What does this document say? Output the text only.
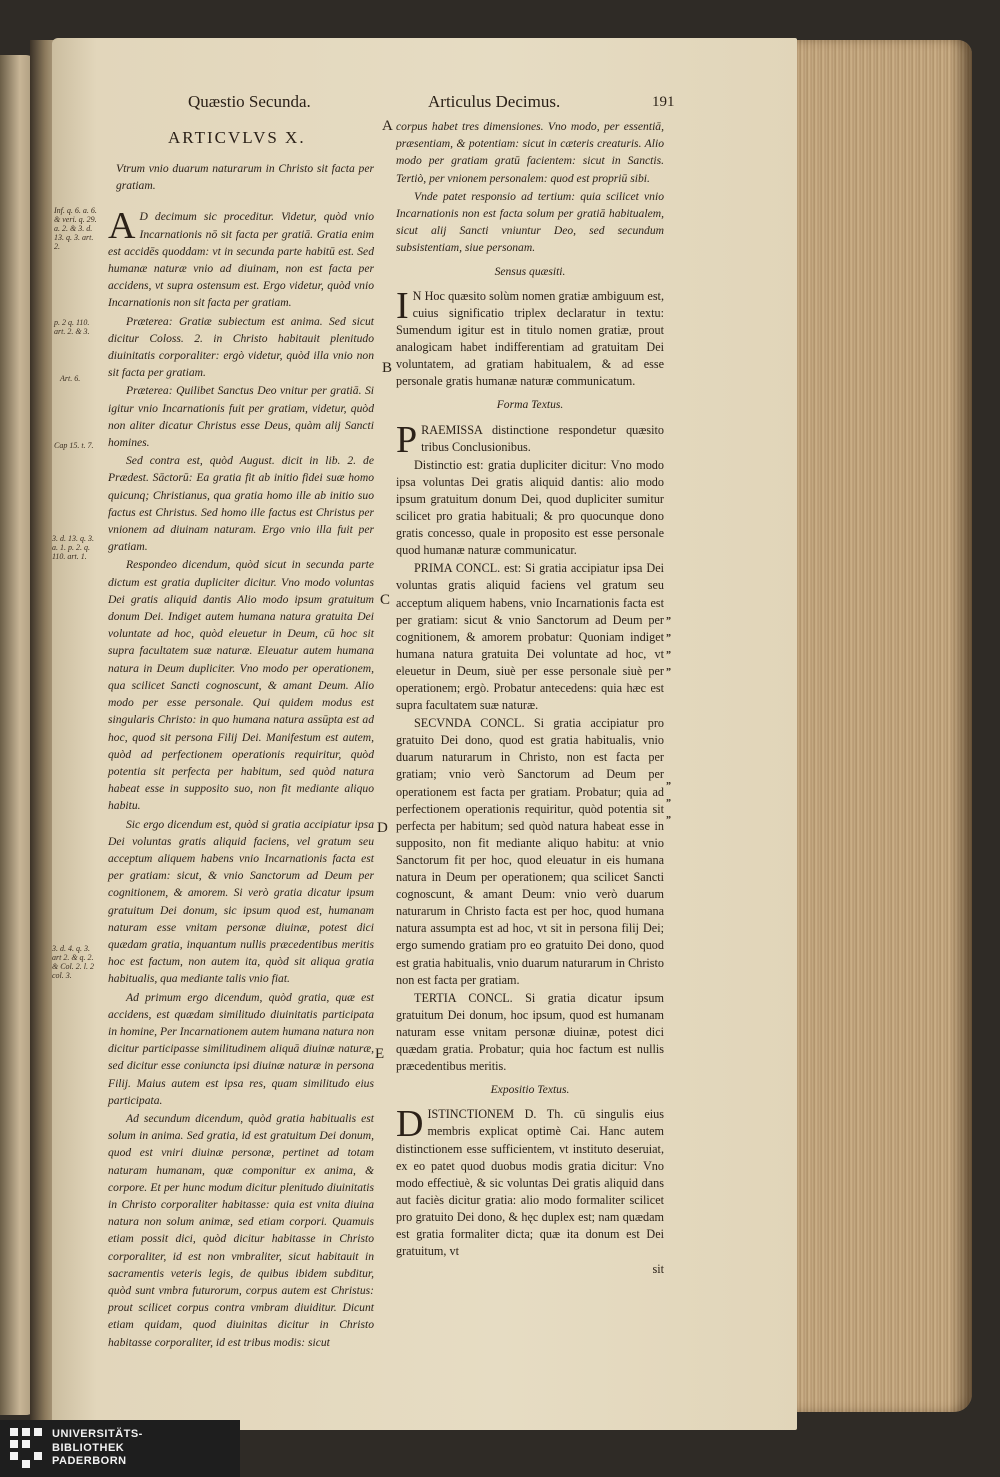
Quæstio Secunda.	Articulus Decimus.	191
ARTICVLVS X.
Inf. q. 6. a. 6. & veri. q. 29. a. 2. & 3. d. 13. q. 3. art. 2.
p. 2 q. 110. art. 2. & 3.
Art. 6.
Cap 15. t. 7.
3. d. 13. q. 3. a. 1. p. 2. q. 110. art. 1.
3. d. 4. q. 3. art 2. & q. 2. & Col. 2. l. 2 col. 3.

Vtrum vnio duarum naturarum in Christo sit facta per gratiam.

A D decimum sic proceditur. Videtur, quòd vnio Incarnationis nō sit facta per gratiā. Gratia enim est accidēs quoddam: vt in secunda parte habitū est. Sed humanæ naturæ vnio ad diuinam, non est facta per accidens, vt supra ostensum est. Ergo videtur, quòd vnio Incarnationis non sit facta per gratiam.

Præterea: Gratiæ subiectum est anima. Sed sicut dicitur Coloss. 2. in Christo habitauit plenitudo diuinitatis corporaliter: ergò videtur, quòd illa vnio non sit facta per gratiam.

Præterea: Quilibet Sanctus Deo vnitur per gratiā. Si igitur vnio Incarnationis fuit per gratiam, videtur, quòd non aliter dicatur Christus esse Deus, quàm alij Sancti homines.

Sed contra est, quòd August. dicit in lib. 2. de Prædest. Sāctorū: Ea gratia fit ab initio fidei suæ homo quicunq; Christianus, qua gratia homo ille ab initio suo factus est Christus. Sed homo ille factus est Christus per vnionem ad diuinam naturam. Ergo vnio illa fuit per gratiam.

Respondeo dicendum, quòd sicut in secunda parte dictum est gratia dupliciter dicitur. Vno modo voluntas Dei gratis aliquid dantis Alio modo ipsum gratuitum donum Dei. Indiget autem humana natura gratuita Dei voluntate ad hoc, quòd eleuetur in Deum, cū hoc sit supra facultatem suæ naturæ. Eleuatur autem humana natura in Deum dupliciter. Vno modo per operationem, qua scilicet Sancti cognoscunt, & amant Deum. Alio modo per esse personale. Qui quidem modus est singularis Christo: in quo humana natura assūpta est ad hoc, quod sit persona Filij Dei. Manifestum est autem, quòd ad perfectionem operationis requiritur, quòd potentia sit perfecta per habitum, sed quòd natura habeat esse in supposito suo, non fit mediante aliquo habitu.

Sic ergo dicendum est, quòd si gratia accipiatur ipsa Dei voluntas gratis aliquid faciens, vel gratum seu acceptum aliquem habens vnio Incarnationis facta est per gratiam: sicut, & vnio Sanctorum ad Deum per cognitionem, & amorem. Si verò gratia dicatur ipsum gratuitum Dei donum, sic ipsum quod est, humanam naturam esse vnitam personæ diuinæ, potest dici quædam gratia, inquantum nullis præcedentibus meritis hoc est factum, non autem ita, quòd sit aliqua gratia habitualis, qua mediante talis vnio fiat.

Ad primum ergo dicendum, quòd gratia, quæ est accidens, est quædam similitudo diuinitatis participata in homine, Per Incarnationem autem humana natura non dicitur participasse similitudinem aliquā diuinæ naturæ, sed dicitur esse coniuncta ipsi diuinæ naturæ in persona Filij. Maius autem est ipsa res, quam similitudo eius participata.

Ad secundum dicendum, quòd gratia habitualis est solum in anima. Sed gratia, id est gratuitum Dei donum, quod est vniri diuinæ personæ, pertinet ad totam naturam humanam, quæ componitur ex anima, & corpore. Et per hunc modum dicitur plenitudo diuinitatis in Christo corporaliter habitasse: quia est vnita diuina natura non solum animæ, sed etiam corpori. Quamuis etiam possit dici, quòd dicitur habitasse in Christo corporaliter, id est non vmbraliter, sicut habitauit in sacramentis veteris legis, de quibus ibidem subditur, quòd sunt vmbra futurorum, corpus autem est Christus: prout scilicet corpus contra vmbram diuiditur. Dicunt etiam quidam, quod diuinitas dicitur in Christo habitasse corporaliter, id est tribus modis: sicut

A
B
C
D
E

corpus habet tres dimensiones. Vno modo, per essentiā, præsentiam, & potentiam: sicut in cæteris creaturis. Alio modo per gratiam gratū facientem: sicut in Sanctis. Tertiò, per vnionem personalem: quod est propriū sibi.

Vnde patet responsio ad tertium: quia scilicet vnio Incarnationis non est facta solum per gratiā habitualem, sicut alij Sancti vniuntur Deo, sed secundum subsistentiam, siue personam.

Sensus quæsiti.

I N Hoc quæsito solùm nomen gratiæ ambiguum est, cuius significatio triplex declaratur in textu: Sumendum igitur est in titulo nomen gratiæ, prout analogicam habet indifferentiam ad gratuitam Dei voluntatem, ad gratiam habitualem, & ad esse personale gratis humanæ naturæ communicatum.

Forma Textus.

PRAEMISSA distinctione respondetur quæsito tribus Conclusionibus.

Distinctio est: gratia dupliciter dicitur: Vno modo ipsa voluntas Dei gratis aliquid dantis: alio modo ipsum gratuitum donum Dei, quod dupliciter sumitur scilicet pro gratia habituali; & pro quocunque dono gratis concesso, quale in proposito est esse personale quod humanæ naturæ communicatur.

PRIMA CONCL. est: Si gratia accipiatur ipsa Dei voluntas gratis aliquid faciens vel gratum seu acceptum aliquem habens, vnio Incarnationis facta est per gratiam: sicut & vnio Sanctorum ad Deum per cognitionem, & amorem probatur: Quoniam indiget humana natura gratuita Dei voluntate ad hoc, vt eleuetur in Deum, siuè per esse personale siuè per operationem; ergò. Probatur antecedens: quia hæc est supra facultatem suæ naturæ.

SECVNDA CONCL. Si gratia accipiatur pro gratuito Dei dono, quod est gratia habitualis, vnio duarum naturarum in Christo, non est facta per gratiam; vnio verò Sanctorum ad Deum per operationem est facta per gratiam. Probatur; quia ad perfectionem operationis requiritur, quòd potentia sit perfecta per habitum; sed quòd natura habeat esse in supposito, non fit mediante aliquo habitu: at vnio Sanctorum fit per hoc, quod eleuatur in eis humana natura in Deum per operationem; qua scilicet Sancti cognoscunt, & amant Deum: vnio verò duarum naturarum in Christo facta est per hoc, quod humana natura assumpta est ad hoc, vt sit in persona filij Dei; ergo sumendo gratiam pro eo gratuito Dei dono, quod est gratia habitualis, vnio duarum naturarum in Christo non est facta per gratiam.

TERTIA CONCL. Si gratia dicatur ipsum gratuitum Dei donum, hoc ipsum, quod est humanam naturam esse vnitam personæ diuinæ, potest dici quædam gratia. Probatur; quia hoc factum est nullis præcedentibus meritis.

Expositio Textus.

DISTINCTIONEM D. Th. cū singulis eius membris explicat optimè Cai. Hanc autem distinctionem esse sufficientem, vt instituto deseruiat, ex eo patet quod duobus modis gratia dicitur: Vno modo effectiuè, & sic voluntas Dei gratis aliquid dans aut faciès dicitur gratia: alio modo formaliter scilicet pro gratuito Dei dono, & hęc duplex est; nam quædam est gratia formaliter dicta; quæ ita donum est Dei gratuitum, vt

sit

”
”
”
”
”
”
”
UNIVERSITÄTS-
BIBLIOTHEK
PADERBORN
